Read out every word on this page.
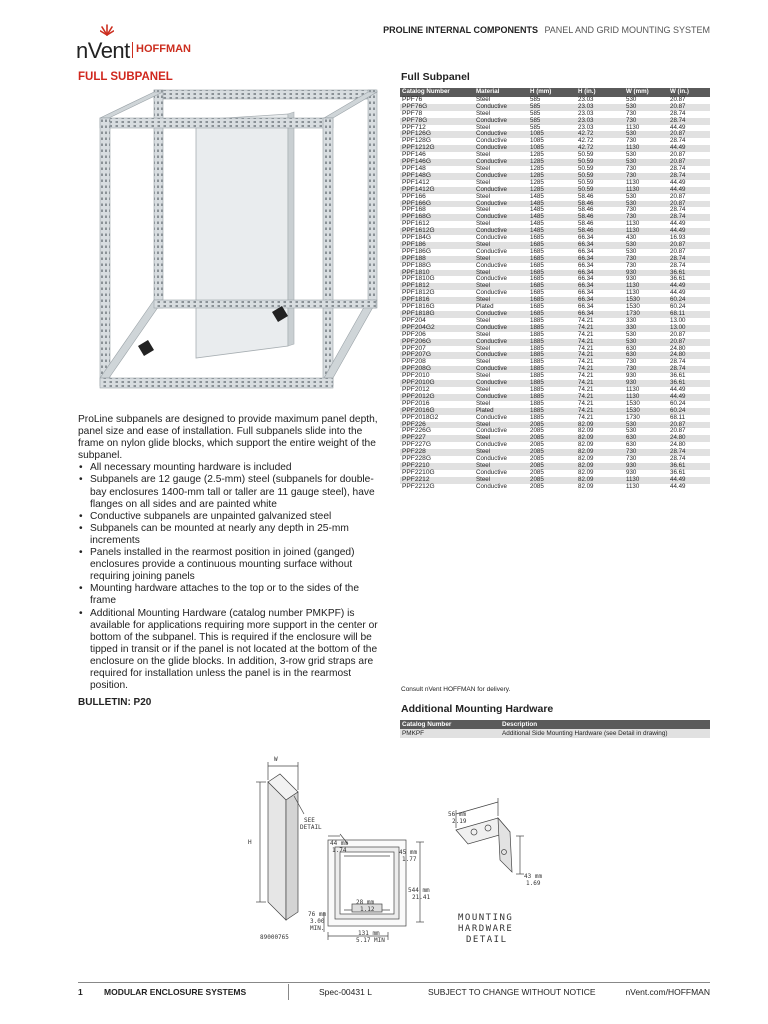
nVent HOFFMAN
PROLINE INTERNAL COMPONENTS PANEL AND GRID MOUNTING SYSTEM
FULL SUBPANEL

ProLine subpanels are designed to provide maximum panel depth, panel size and ease of installation. Full subpanels slide into the frame on nylon glide blocks, which support the entire weight of the subpanel.

• All necessary mounting hardware is included
• Subpanels are 12 gauge (2.5-mm) steel (subpanels for double-bay enclosures 1400-mm tall or taller are 11 gauge steel), have flanges on all sides and are painted white
• Conductive subpanels are unpainted galvanized steel
• Subpanels can be mounted at nearly any depth in 25-mm increments
• Panels installed in the rearmost position in joined (ganged) enclosures provide a continuous mounting surface without requiring joining panels
• Mounting hardware attaches to the top or to the sides of the frame
• Additional Mounting Hardware (catalog number PMKPF) is available for applications requiring more support in the center or bottom of the subpanel. This is required if the enclosure will be tipped in transit or if the panel is not located at the bottom of the enclosure on the glide blocks. In addition, 3-row grid straps are required for installation unless the panel is in the rearmost position.
BULLETIN: P20
Full Subpanel
Catalog Number	Material	H (mm)	H (in.)	W (mm)	W (in.)
PPF76	Steel	585	23.03	530	20.87
PPF76G	Conductive	585	23.03	530	20.87
PPF78	Steel	585	23.03	730	28.74
PPF78G	Conductive	585	23.03	730	28.74
PPF712	Steel	585	23.03	1130	44.49
PPF126G	Conductive	1085	42.72	530	20.87
PPF128G	Conductive	1085	42.72	730	28.74
PPF1212G	Conductive	1085	42.72	1130	44.49
PPF146	Steel	1285	50.59	530	20.87
PPF146G	Conductive	1285	50.59	530	20.87
PPF148	Steel	1285	50.59	730	28.74
PPF148G	Conductive	1285	50.59	730	28.74
PPF1412	Steel	1285	50.59	1130	44.49
PPF1412G	Conductive	1285	50.59	1130	44.49
PPF166	Steel	1485	58.46	530	20.87
PPF166G	Conductive	1485	58.46	530	20.87
PPF168	Steel	1485	58.46	730	28.74
PPF168G	Conductive	1485	58.46	730	28.74
PPF1612	Steel	1485	58.46	1130	44.49
PPF1612G	Conductive	1485	58.46	1130	44.49
PPF184G	Conductive	1685	66.34	430	16.93
PPF186	Steel	1685	66.34	530	20.87
PPF186G	Conductive	1685	66.34	530	20.87
PPF188	Steel	1685	66.34	730	28.74
PPF188G	Conductive	1685	66.34	730	28.74
PPF1810	Steel	1685	66.34	930	36.61
PPF1810G	Conductive	1685	66.34	930	36.61
PPF1812	Steel	1685	66.34	1130	44.49
PPF1812G	Conductive	1685	66.34	1130	44.49
PPF1816	Steel	1685	66.34	1530	60.24
PPF1816G	Plated	1685	66.34	1530	60.24
PPF1818G	Conductive	1685	66.34	1730	68.11
PPF204	Steel	1885	74.21	330	13.00
PPF204G2	Conductive	1885	74.21	330	13.00
PPF206	Steel	1885	74.21	530	20.87
PPF206G	Conductive	1885	74.21	530	20.87
PPF207	Steel	1885	74.21	630	24.80
PPF207G	Conductive	1885	74.21	630	24.80
PPF208	Steel	1885	74.21	730	28.74
PPF208G	Conductive	1885	74.21	730	28.74
PPF2010	Steel	1885	74.21	930	36.61
PPF2010G	Conductive	1885	74.21	930	36.61
PPF2012	Steel	1885	74.21	1130	44.49
PPF2012G	Conductive	1885	74.21	1130	44.49
PPF2016	Steel	1885	74.21	1530	60.24
PPF2016G	Plated	1885	74.21	1530	60.24
PPF2018G2	Conductive	1885	74.21	1730	68.11
PPF226	Steel	2085	82.09	530	20.87
PPF226G	Conductive	2085	82.09	530	20.87
PPF227	Steel	2085	82.09	630	24.80
PPF227G	Conductive	2085	82.09	630	24.80
PPF228	Steel	2085	82.09	730	28.74
PPF228G	Conductive	2085	82.09	730	28.74
PPF2210	Steel	2085	82.09	930	36.61
PPF2210G	Conductive	2085	82.09	930	36.61
PPF2212	Steel	2085	82.09	1130	44.49
PPF2212G	Conductive	2085	82.09	1130	44.49
Consult nVent HOFFMAN for delivery.
Additional Mounting Hardware
Catalog Number	Description
PMKPF	Additional Side Mounting Hardware (see Detail in drawing)
W
H
SEE
DETAIL
44 mm
1.74	45 mm
1.77
56 mm
2.19
43 mm
1.69
544 mm
21.41
28 mm
1.12
76 mm
3.00
MIN.
131 mm
5.17 MIN
89000765
MOUNTING
HARDWARE
DETAIL
1	MODULAR ENCLOSURE SYSTEMS	Spec-00431 L	SUBJECT TO CHANGE WITHOUT NOTICE	nVent.com/HOFFMAN
